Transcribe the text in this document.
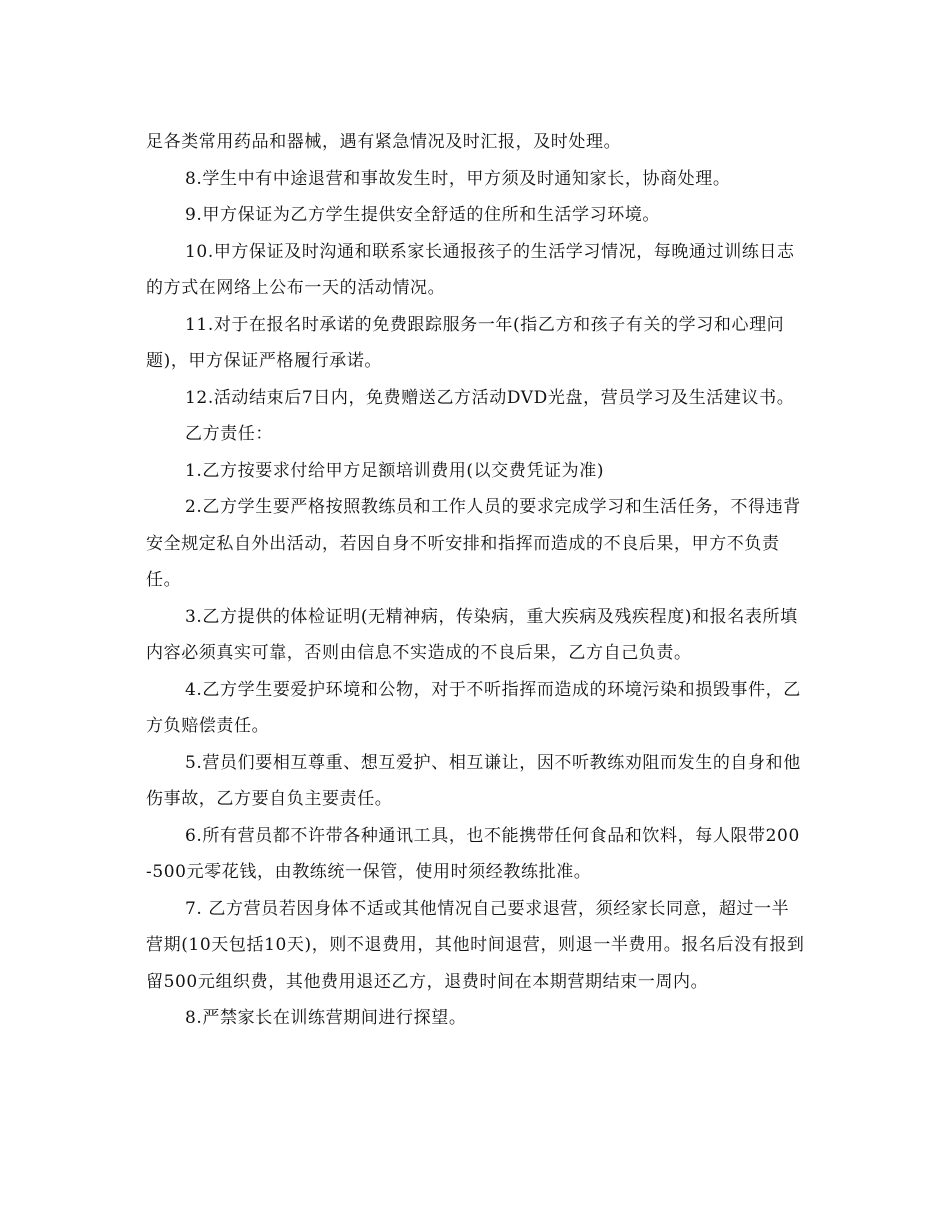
足各类常用药品和器械，遇有紧急情况及时汇报，及时处理。

8.学生中有中途退营和事故发生时，甲方须及时通知家长，协商处理。

9.甲方保证为乙方学生提供安全舒适的住所和生活学习环境。

10.甲方保证及时沟通和联系家长通报孩子的生活学习情况，每晚通过训练日志的方式在网络上公布一天的活动情况。

11.对于在报名时承诺的免费跟踪服务一年(指乙方和孩子有关的学习和心理问题)，甲方保证严格履行承诺。

12.活动结束后7日内，免费赠送乙方活动DVD光盘，营员学习及生活建议书。

乙方责任：

1.乙方按要求付给甲方足额培训费用(以交费凭证为准)

2.乙方学生要严格按照教练员和工作人员的要求完成学习和生活任务，不得违背安全规定私自外出活动，若因自身不听安排和指挥而造成的不良后果，甲方不负责任。

3.乙方提供的体检证明(无精神病，传染病，重大疾病及残疾程度)和报名表所填内容必须真实可靠，否则由信息不实造成的不良后果，乙方自己负责。

4.乙方学生要爱护环境和公物，对于不听指挥而造成的环境污染和损毁事件，乙方负赔偿责任。

5.营员们要相互尊重、想互爱护、相互谦让，因不听教练劝阻而发生的自身和他伤事故，乙方要自负主要责任。

6.所有营员都不许带各种通讯工具，也不能携带任何食品和饮料，每人限带200 -500元零花钱，由教练统一保管，使用时须经教练批准。

7. 乙方营员若因身体不适或其他情况自己要求退营，须经家长同意，超过一半营期(10天包括10天)，则不退费用，其他时间退营，则退一半费用。报名后没有报到留500元组织费，其他费用退还乙方，退费时间在本期营期结束一周内。

8.严禁家长在训练营期间进行探望。
